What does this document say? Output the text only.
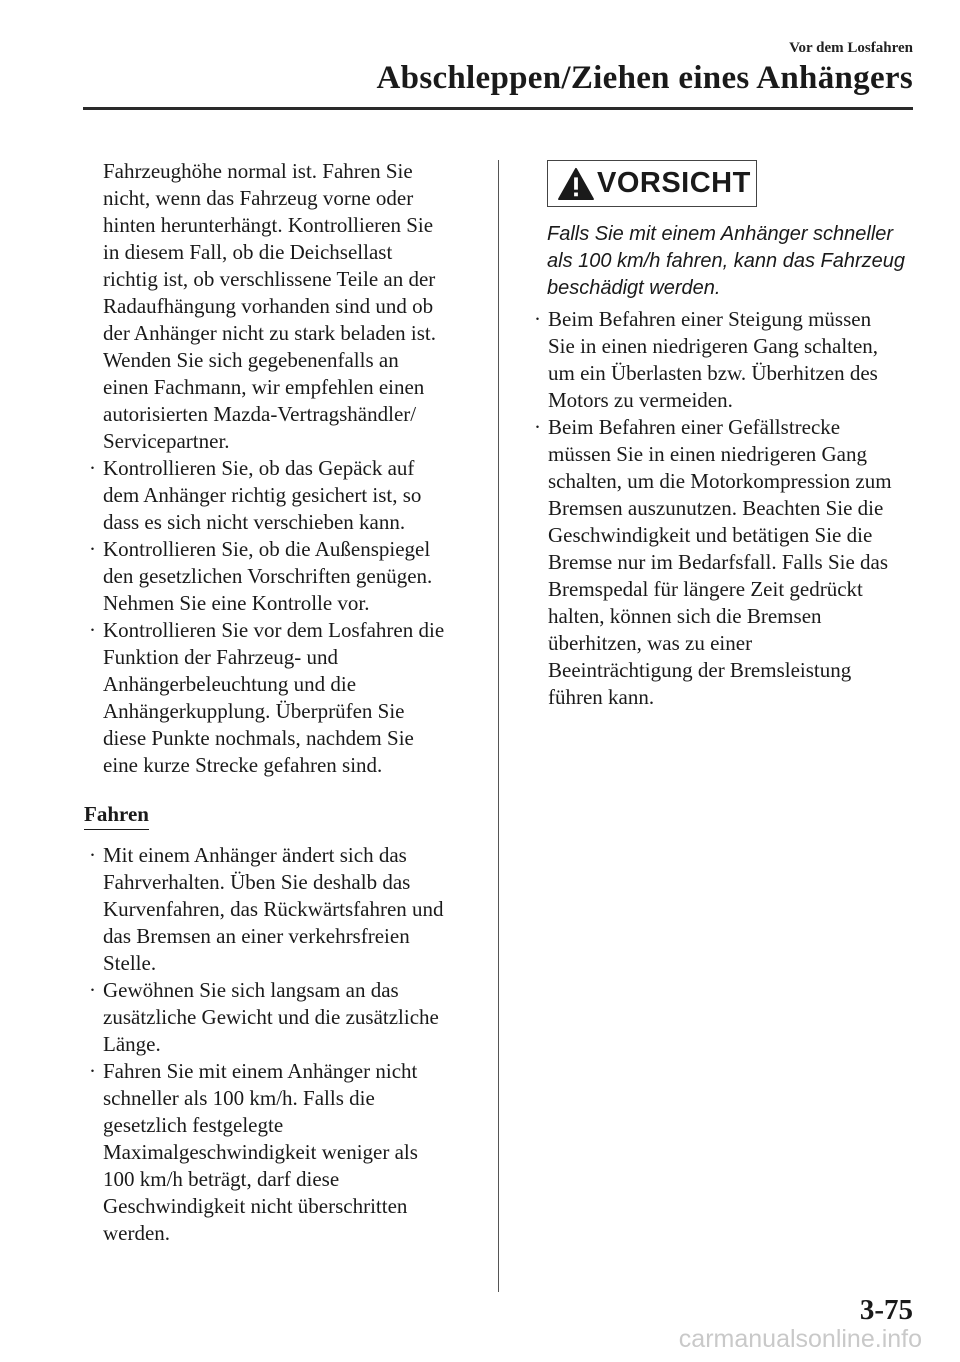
Vor dem Losfahren
Abschleppen/Ziehen eines Anhängers
Fahrzeughöhe normal ist. Fahren Sie
nicht, wenn das Fahrzeug vorne oder
hinten herunterhängt. Kontrollieren Sie
in diesem Fall, ob die Deichsellast
richtig ist, ob verschlissene Teile an der
Radaufhängung vorhanden sind und ob
der Anhänger nicht zu stark beladen ist.
Wenden Sie sich gegebenenfalls an
einen Fachmann, wir empfehlen einen
autorisierten Mazda-Vertragshändler/
Servicepartner.
· Kontrollieren Sie, ob das Gepäck auf
dem Anhänger richtig gesichert ist, so
dass es sich nicht verschieben kann.
· Kontrollieren Sie, ob die Außenspiegel
den gesetzlichen Vorschriften genügen.
Nehmen Sie eine Kontrolle vor.
· Kontrollieren Sie vor dem Losfahren die
Funktion der Fahrzeug- und
Anhängerbeleuchtung und die
Anhängerkupplung. Überprüfen Sie
diese Punkte nochmals, nachdem Sie
eine kurze Strecke gefahren sind.
Fahren
· Mit einem Anhänger ändert sich das
Fahrverhalten. Üben Sie deshalb das
Kurvenfahren, das Rückwärtsfahren und
das Bremsen an einer verkehrsfreien
Stelle.
· Gewöhnen Sie sich langsam an das
zusätzliche Gewicht und die zusätzliche
Länge.
· Fahren Sie mit einem Anhänger nicht
schneller als 100 km/h. Falls die
gesetzlich festgelegte
Maximalgeschwindigkeit weniger als
100 km/h beträgt, darf diese
Geschwindigkeit nicht überschritten
werden.
VORSICHT
Falls Sie mit einem Anhänger schneller
als 100 km/h fahren, kann das Fahrzeug
beschädigt werden.
· Beim Befahren einer Steigung müssen
Sie in einen niedrigeren Gang schalten,
um ein Überlasten bzw. Überhitzen des
Motors zu vermeiden.
· Beim Befahren einer Gefällstrecke
müssen Sie in einen niedrigeren Gang
schalten, um die Motorkompression zum
Bremsen auszunutzen. Beachten Sie die
Geschwindigkeit und betätigen Sie die
Bremse nur im Bedarfsfall. Falls Sie das
Bremspedal für längere Zeit gedrückt
halten, können sich die Bremsen
überhitzen, was zu einer
Beeinträchtigung der Bremsleistung
führen kann.
3-75
carmanualsonline.info
